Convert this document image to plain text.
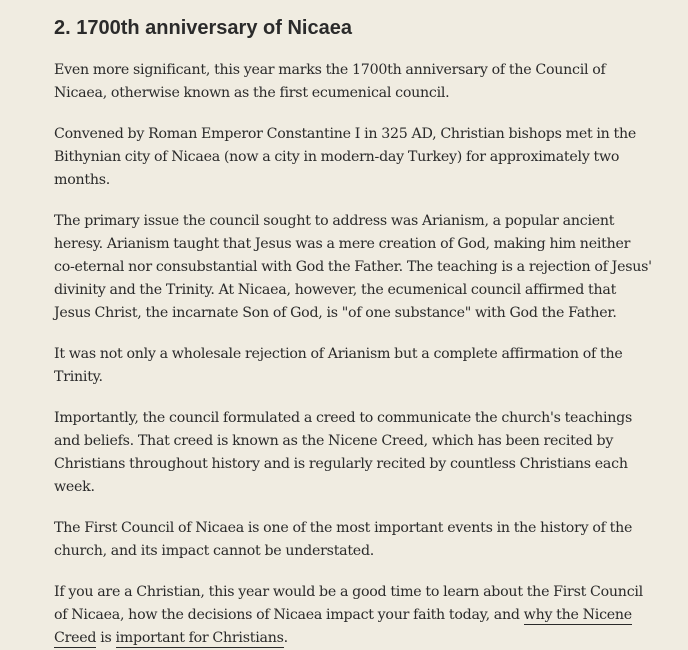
2. 1700th anniversary of Nicaea

Even more significant, this year marks the 1700th anniversary of the Council of Nicaea, otherwise known as the first ecumenical council.

Convened by Roman Emperor Constantine I in 325 AD, Christian bishops met in the Bithynian city of Nicaea (now a city in modern-day Turkey) for approximately two months.

The primary issue the council sought to address was Arianism, a popular ancient heresy. Arianism taught that Jesus was a mere creation of God, making him neither co-eternal nor consubstantial with God the Father. The teaching is a rejection of Jesus' divinity and the Trinity. At Nicaea, however, the ecumenical council affirmed that Jesus Christ, the incarnate Son of God, is "of one substance" with God the Father.

It was not only a wholesale rejection of Arianism but a complete affirmation of the Trinity.

Importantly, the council formulated a creed to communicate the church's teachings and beliefs. That creed is known as the Nicene Creed, which has been recited by Christians throughout history and is regularly recited by countless Christians each week.

The First Council of Nicaea is one of the most important events in the history of the church, and its impact cannot be understated.

If you are a Christian, this year would be a good time to learn about the First Council of Nicaea, how the decisions of Nicaea impact your faith today, and why the Nicene Creed is important for Christians.
